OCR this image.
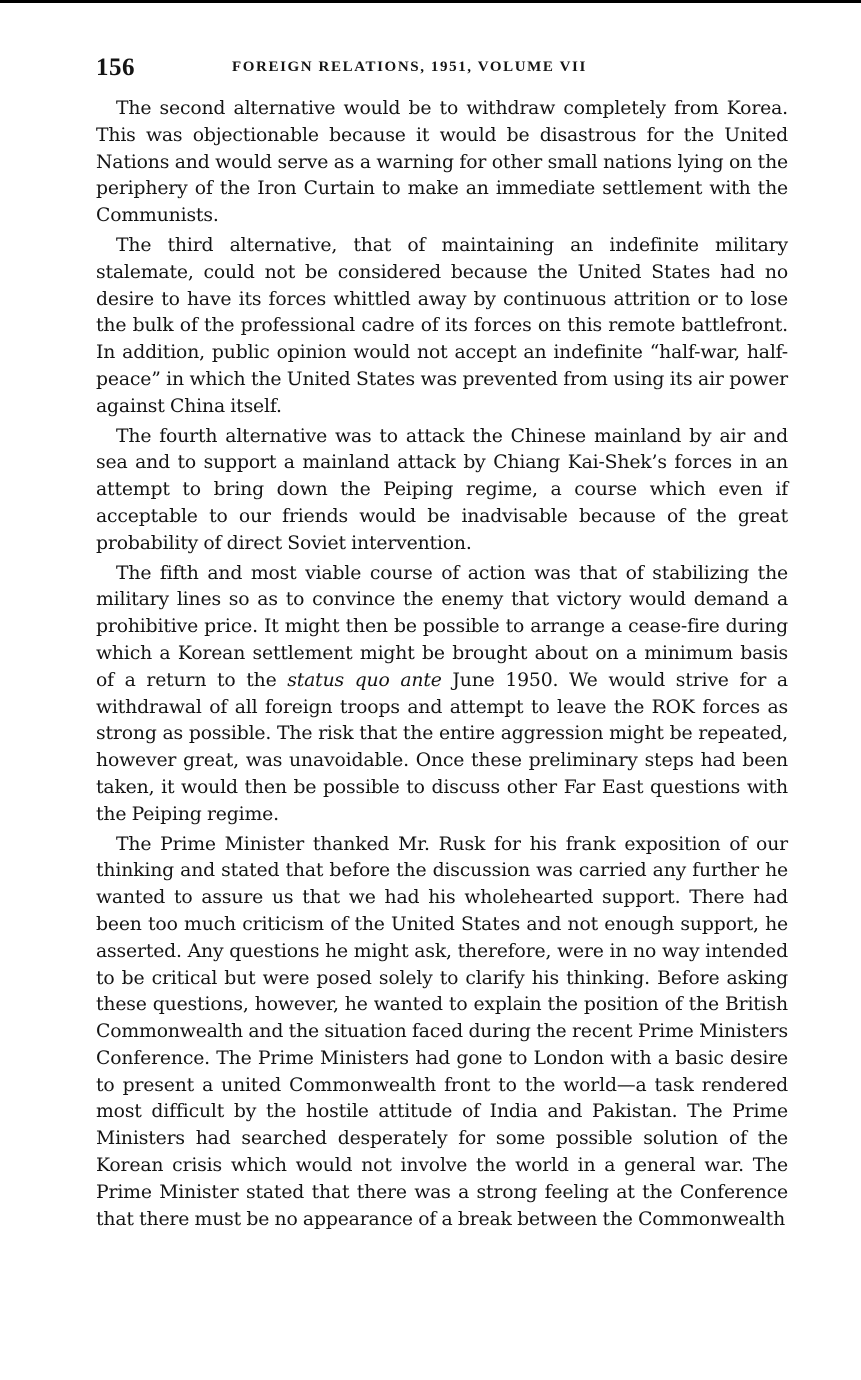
156	FOREIGN RELATIONS, 1951, VOLUME VII

The second alternative would be to withdraw completely from Korea. This was objectionable because it would be disastrous for the United Nations and would serve as a warning for other small nations lying on the periphery of the Iron Curtain to make an immediate settlement with the Communists.

The third alternative, that of maintaining an indefinite military stalemate, could not be considered because the United States had no desire to have its forces whittled away by continuous attrition or to lose the bulk of the professional cadre of its forces on this remote battlefront. In addition, public opinion would not accept an indefinite “half-war, half-peace” in which the United States was prevented from using its air power against China itself.

The fourth alternative was to attack the Chinese mainland by air and sea and to support a mainland attack by Chiang Kai-Shek’s forces in an attempt to bring down the Peiping regime, a course which even if acceptable to our friends would be inadvisable because of the great probability of direct Soviet intervention.

The fifth and most viable course of action was that of stabilizing the military lines so as to convince the enemy that victory would demand a prohibitive price. It might then be possible to arrange a cease-fire during which a Korean settlement might be brought about on a minimum basis of a return to the status quo ante June 1950. We would strive for a withdrawal of all foreign troops and attempt to leave the ROK forces as strong as possible. The risk that the entire aggression might be repeated, however great, was unavoidable. Once these preliminary steps had been taken, it would then be possible to discuss other Far East questions with the Peiping regime.

The Prime Minister thanked Mr. Rusk for his frank exposition of our thinking and stated that before the discussion was carried any further he wanted to assure us that we had his wholehearted support. There had been too much criticism of the United States and not enough support, he asserted. Any questions he might ask, therefore, were in no way intended to be critical but were posed solely to clarify his thinking. Before asking these questions, however, he wanted to explain the position of the British Commonwealth and the situation faced during the recent Prime Ministers Conference. The Prime Ministers had gone to London with a basic desire to present a united Commonwealth front to the world—a task rendered most difficult by the hostile attitude of India and Pakistan. The Prime Ministers had searched desperately for some possible solution of the Korean crisis which would not involve the world in a general war. The Prime Minister stated that there was a strong feeling at the Conference that there must be no appearance of a break between the Commonwealth
